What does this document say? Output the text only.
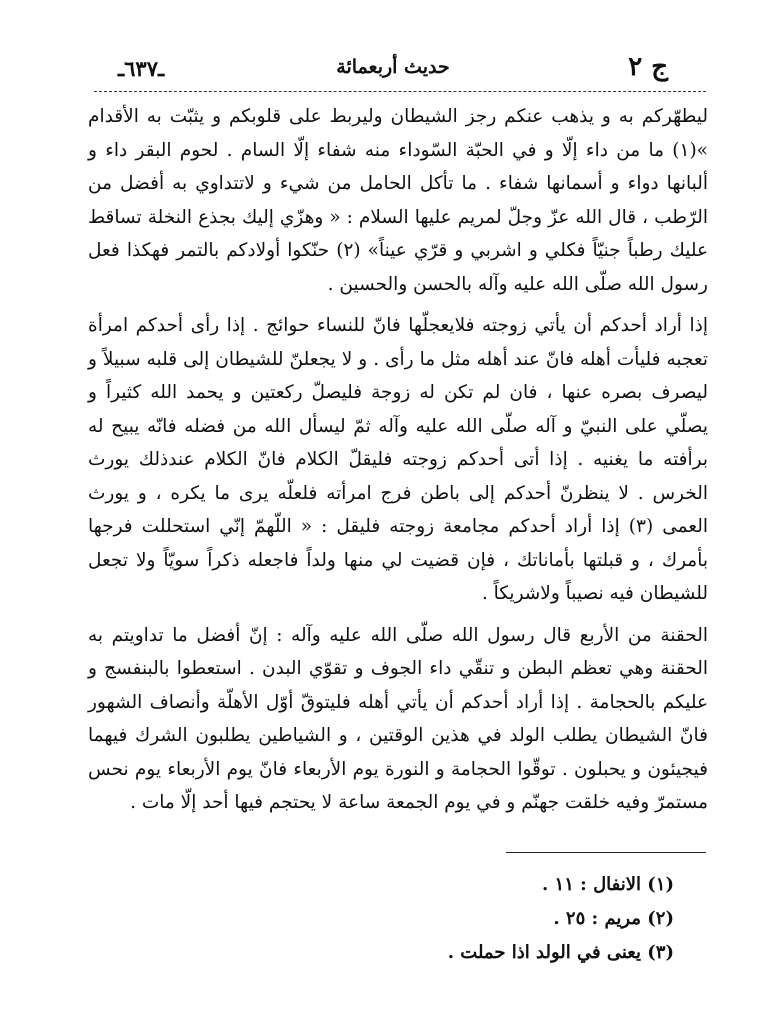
ج ٢
حديث أربعمائة
ـ٦٣٧ـ

ليطهّركم به و يذهب عنكم رجز الشيطان وليربط على قلوبكم و يثبّت به الأقدام »(١) ما من داء إلّا و في الحبّة السّوداء منه شفاء إلّا السام . لحوم البقر داء و ألبانها دواء و أسمانها شفاء . ما تأكل الحامل من شيء و لاتتداوي به أفضل من الرّطب ، قال الله عزّ وجلّ لمريم عليها السلام : « وهزّي إليك بجذع النخلة تساقط عليك رطباً جنيّاً فكلي و اشربي و قرّي عيناً» (٢) حنّكوا أولادكم بالتمر فهكذا فعل رسول الله صلّى الله عليه وآله بالحسن والحسين .

إذا أراد أحدكم أن يأتي زوجته فلايعجلّها فانّ للنساء حوائج . إذا رأى أحدكم امرأة تعجبه فليأت أهله فانّ عند أهله مثل ما رأى . و لا يجعلنّ للشيطان إلى قلبه سبيلاً و ليصرف بصره عنها ، فان لم تكن له زوجة فليصلّ ركعتين و يحمد الله كثيراً و يصلّي على النبيّ و آله صلّى الله عليه وآله ثمّ ليسأل الله من فضله فانّه يبيح له برأفته ما يغنيه . إذا أتى أحدكم زوجته فليقلّ الكلام فانّ الكلام عندذلك يورث الخرس . لا ينظرنّ أحدكم إلى باطن فرج امرأته فلعلّه يرى ما يكره ، و يورث العمى (٣) إذا أراد أحدكم مجامعة زوجته فليقل : « اللّهمّ إنّي استحللت فرجها بأمرك ، و قبلتها بأماناتك ، فإن قضيت لي منها ولداً فاجعله ذكراً سويّاً ولا تجعل للشيطان فيه نصيباً ولاشريكاً .

الحقنة من الأربع قال رسول الله صلّى الله عليه وآله : إنّ أفضل ما تداويتم به الحقنة وهي تعظم البطن و تنقّي داء الجوف و تقوّي البدن . استعطوا بالبنفسج و عليكم بالحجامة . إذا أراد أحدكم أن يأتي أهله فليتوقّ أوّل الأهلّة وأنصاف الشهور فانّ الشيطان يطلب الولد في هذين الوقتين ، و الشياطين يطلبون الشرك فيهما فيجيئون و يحبلون . توقّوا الحجامة و النورة يوم الأربعاء فانّ يوم الأربعاء يوم نحس مستمرّ وفيه خلقت جهنّم و في يوم الجمعة ساعة لا يحتجم فيها أحد إلّا مات .

(١) الانفال : ١١ .

(٢) مريم : ٢٥ .

(٣) يعنى في الولد اذا حملت .
